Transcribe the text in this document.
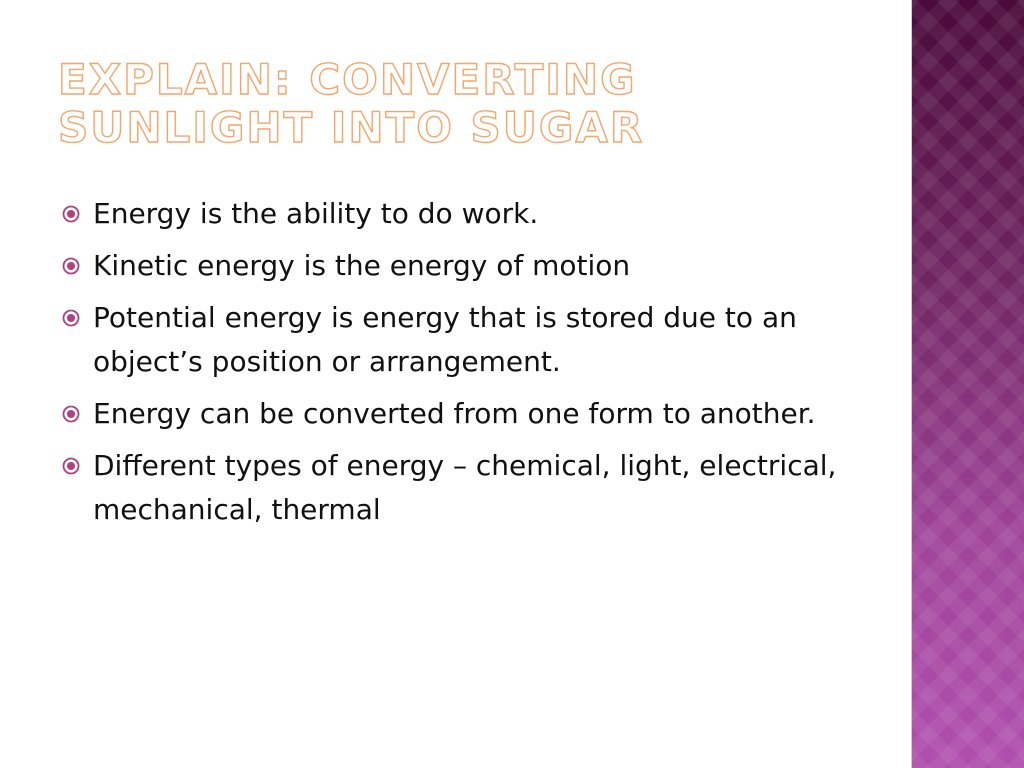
EXPLAIN: CONVERTING SUNLIGHT INTO SUGAR
Energy is the ability to do work.
Kinetic energy is the energy of motion
Potential energy is energy that is stored due to an object’s position or arrangement.
Energy can be converted from one form to another.
Different types of energy – chemical, light, electrical, mechanical, thermal
